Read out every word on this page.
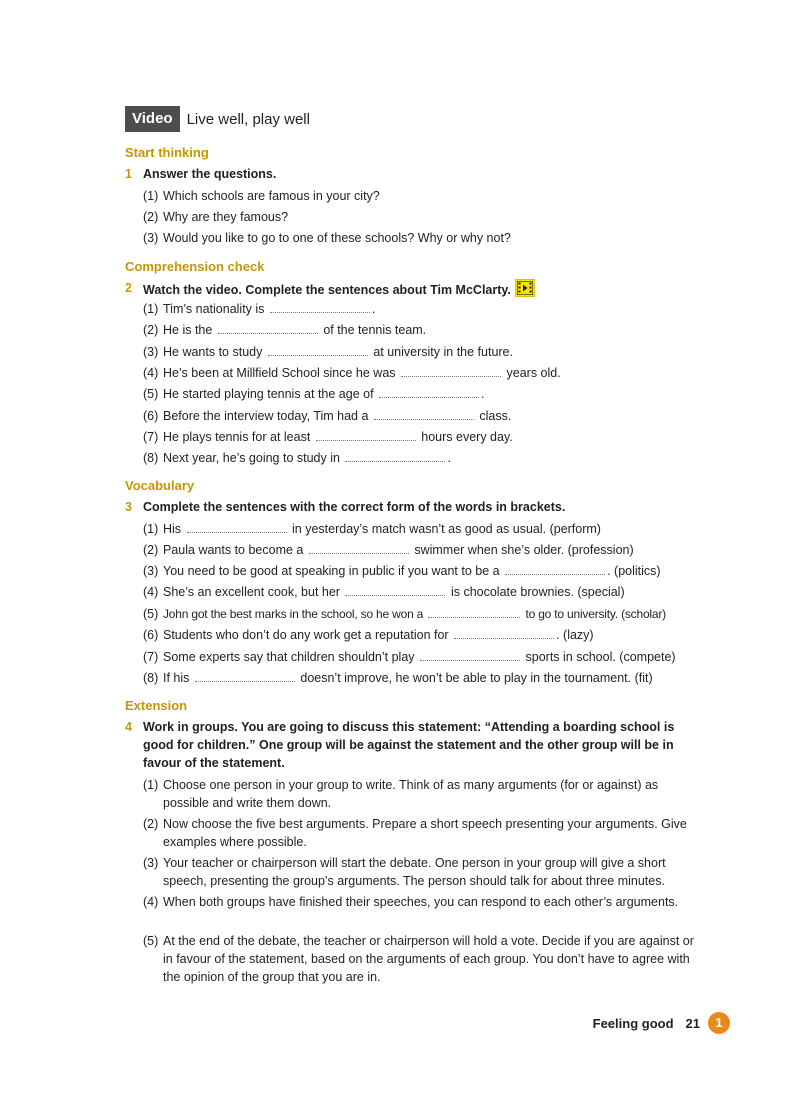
Video Live well, play well
Start thinking
1 Answer the questions.
(1) Which schools are famous in your city?
(2) Why are they famous?
(3) Would you like to go to one of these schools? Why or why not?
Comprehension check
2 Watch the video. Complete the sentences about Tim McClarty.
(1) Tim’s nationality is	.
(2) He is the	of the tennis team.
(3) He wants to study	at university in the future.
(4) He’s been at Millfield School since he was	years old.
(5) He started playing tennis at the age of	.
(6) Before the interview today, Tim had a	class.
(7) He plays tennis for at least	hours every day.
(8) Next year, he’s going to study in	.
Vocabulary
3 Complete the sentences with the correct form of the words in brackets.
(1) His	in yesterday’s match wasn’t as good as usual. (perform)
(2) Paula wants to become a	swimmer when she’s older. (profession)
(3) You need to be good at speaking in public if you want to be a	. (politics)
(4) She’s an excellent cook, but her	is chocolate brownies. (special)
(5) John got the best marks in the school, so he won a	to go to university. (scholar)
(6) Students who don’t do any work get a reputation for	. (lazy)
(7) Some experts say that children shouldn’t play	sports in school. (compete)
(8) If his	doesn’t improve, he won’t be able to play in the tournament. (fit)
Extension
4 Work in groups. You are going to discuss this statement: “Attending a boarding school is good for children.” One group will be against the statement and the other group will be in favour of the statement.
(1) Choose one person in your group to write. Think of as many arguments (for or against) as possible and write them down.
(2) Now choose the five best arguments. Prepare a short speech presenting your arguments. Give examples where possible.
(3) Your teacher or chairperson will start the debate. One person in your group will give a short speech, presenting the group’s arguments. The person should talk for about three minutes.
(4) When both groups have finished their speeches, you can respond to each other’s arguments.
(5) At the end of the debate, the teacher or chairperson will hold a vote. Decide if you are against or in favour of the statement, based on the arguments of each group. You don’t have to agree with the opinion of the group that you are in.
Feeling good 21	1
